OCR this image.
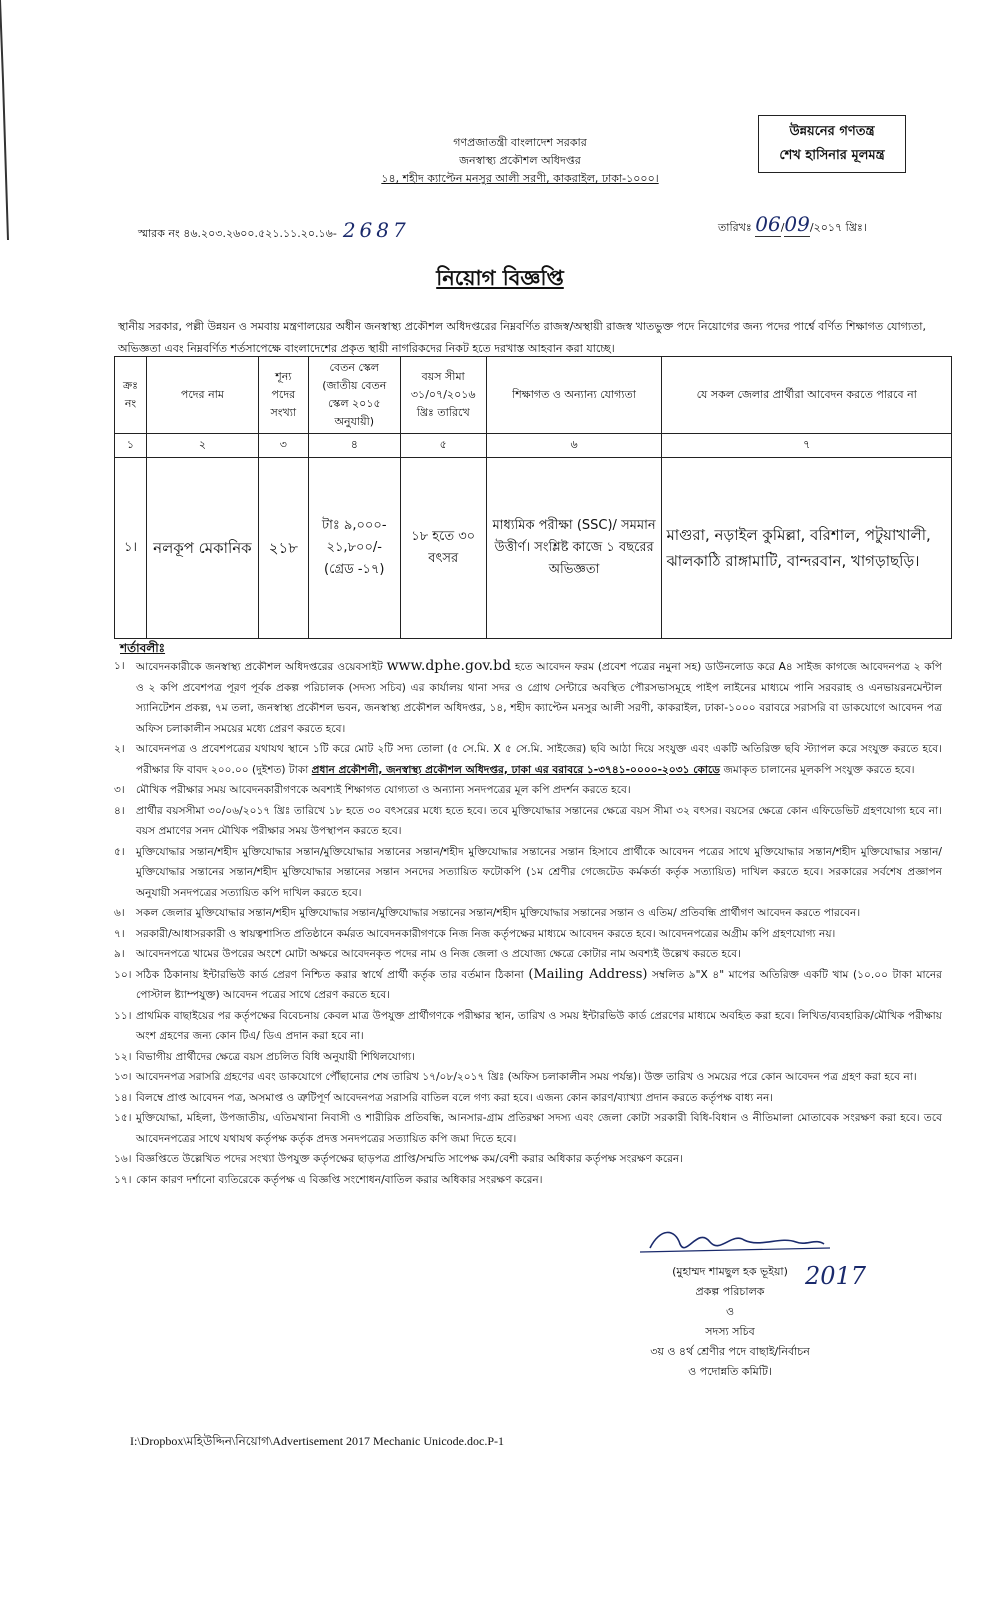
গণপ্রজাতন্ত্রী বাংলাদেশ সরকার
জনস্বাস্থ্য প্রকৌশল অধিদপ্তর
১৪, শহীদ ক্যাপ্টেন মনসুর আলী সরণী, কাকরাইল, ঢাকা-১০০০।
উন্নয়নের গণতন্ত্র
শেখ হাসিনার মূলমন্ত্র
স্মারক নং ৪৬.২০৩.২৬০০.৫২১.১১.২০.১৬- 2687	তারিখঃ 06/09/২০১৭ খ্রিঃ।
নিয়োগ বিজ্ঞপ্তি
স্থানীয় সরকার, পল্লী উন্নয়ন ও সমবায় মন্ত্রণালয়ের অধীন জনস্বাস্থ্য প্রকৌশল অধিদপ্তরের নিম্নবর্ণিত রাজস্ব/অস্থায়ী রাজস্ব খাতভুক্ত পদে নিয়োগের জন্য পদের পার্শ্বে বর্ণিত শিক্ষাগত যোগ্যতা, অভিজ্ঞতা এবং নিম্নবর্ণিত শর্তসাপেক্ষে বাংলাদেশের প্রকৃত স্থায়ী নাগরিকদের নিকট হতে দরখাস্ত আহবান করা যাচ্ছে।
ক্রঃ নং	পদের নাম	শূন্য পদের সংখ্যা	বেতন স্কেল (জাতীয় বেতন স্কেল ২০১৫ অনুযায়ী)	বয়স সীমা ৩১/০৭/২০১৬ খ্রিঃ তারিখে	শিক্ষাগত ও অন্যান্য যোগ্যতা	যে সকল জেলার প্রার্থীরা আবেদন করতে পারবে না
১	২	৩	৪	৫	৬	৭
১।	নলকূপ মেকানিক	২১৮	টাঃ ৯,০০০-
২১,৮০০/-
(গ্রেড -১৭)	১৮ হতে ৩০ বৎসর	মাধ্যমিক পরীক্ষা (SSC)/ সমমান উত্তীর্ণ। সংশ্লিষ্ট কাজে ১ বছরের অভিজ্ঞতা	মাগুরা, নড়াইল কুমিল্লা, বরিশাল, পটুয়াখালী, ঝালকাঠি রাঙ্গামাটি, বান্দরবান, খাগড়াছড়ি।
শর্তাবলীঃ
১। আবেদনকারীকে জনস্বাস্থ্য প্রকৌশল অধিদপ্তরের ওয়েবসাইট www.dphe.gov.bd হতে আবেদন ফরম (প্রবেশ পত্রের নমুনা সহ) ডাউনলোড করে A৪ সাইজ কাগজে আবেদনপত্র ২ কপি ও ২ কপি প্রবেশপত্র পূরণ পূর্বক প্রকল্প পরিচালক (সদস্য সচিব) এর কার্যালয় থানা সদর ও গ্রোথ সেন্টারে অবস্থিত পৌরসভাসমূহে পাইপ লাইনের মাধ্যমে পানি সরবরাহ ও এনভায়রনমেন্টাল স্যানিটেশন প্রকল্প, ৭ম তলা, জনস্বাস্থ্য প্রকৌশল ভবন, জনস্বাস্থ্য প্রকৌশল অধিদপ্তর, ১৪, শহীদ ক্যাপ্টেন মনসুর আলী সরণী, কাকরাইল, ঢাকা-১০০০ বরাবরে সরাসরি বা ডাকযোগে আবেদন পত্র অফিস চলাকালীন সময়ের মধ্যে প্রেরণ করতে হবে।
২। আবেদনপত্র ও প্রবেশপত্রের যথাযথ স্থানে ১টি করে মোট ২টি সদ্য তোলা (৫ সে.মি. X ৫ সে.মি. সাইজের) ছবি আঠা দিয়ে সংযুক্ত এবং একটি অতিরিক্ত ছবি স্ট্যাপল করে সংযুক্ত করতে হবে। পরীক্ষার ফি বাবদ ২০০.০০ (দুইশত) টাকা প্রধান প্রকৌশলী, জনস্বাস্থ্য প্রকৌশল অধিদপ্তর, ঢাকা এর বরাবরে ১-৩৭৪১-০০০০-২০৩১ কোডে জমাকৃত চালানের মূলকপি সংযুক্ত করতে হবে।
৩। মৌখিক পরীক্ষার সময় আবেদনকারীগণকে অবশ্যই শিক্ষাগত যোগ্যতা ও অন্যান্য সনদপত্রের মূল কপি প্রদর্শন করতে হবে।
৪। প্রার্থীর বয়সসীমা ৩০/০৬/২০১৭ খ্রিঃ তারিখে ১৮ হতে ৩০ বৎসরের মধ্যে হতে হবে। তবে মুক্তিযোদ্ধার সন্তানের ক্ষেত্রে বয়স সীমা ৩২ বৎসর। বয়সের ক্ষেত্রে কোন এফিডেভিট গ্রহণযোগ্য হবে না। বয়স প্রমাণের সনদ মৌখিক পরীক্ষার সময় উপস্থাপন করতে হবে।
৫। মুক্তিযোদ্ধার সন্তান/শহীদ মুক্তিযোদ্ধার সন্তান/মুক্তিযোদ্ধার সন্তানের সন্তান/শহীদ মুক্তিযোদ্ধার সন্তানের সন্তান হিসাবে প্রার্থীকে আবেদন পত্রের সাথে মুক্তিযোদ্ধার সন্তান/শহীদ মুক্তিযোদ্ধার সন্তান/মুক্তিযোদ্ধার সন্তানের সন্তান/শহীদ মুক্তিযোদ্ধার সন্তানের সন্তান সনদের সত্যায়িত ফটোকপি (১ম শ্রেণীর গেজেটেড কর্মকর্তা কর্তৃক সত্যায়িত) দাখিল করতে হবে। সরকারের সর্বশেষ প্রজ্ঞাপন অনুযায়ী সনদপত্রের সত্যায়িত কপি দাখিল করতে হবে।
৬। সকল জেলার মুক্তিযোদ্ধার সন্তান/শহীদ মুক্তিযোদ্ধার সন্তান/মুক্তিযোদ্ধার সন্তানের সন্তান/শহীদ মুক্তিযোদ্ধার সন্তানের সন্তান ও এতিম/ প্রতিবন্ধি প্রার্থীগণ আবেদন করতে পারবেন।
৭। সরকারী/আধাসরকারী ও স্বায়ত্বশাসিত প্রতিষ্ঠানে কর্মরত আবেদনকারীগণকে নিজ নিজ কর্তৃপক্ষের মাধ্যমে আবেদন করতে হবে। আবেদনপত্রের অগ্রীম কপি গ্রহণযোগ্য নয়।
৯। আবেদনপত্রে খামের উপরের অংশে মোটা অক্ষরে আবেদনকৃত পদের নাম ও নিজ জেলা ও প্রযোজ্য ক্ষেত্রে কোটার নাম অবশ্যই উল্লেখ করতে হবে।
১০। সঠিক ঠিকানায় ইন্টারভিউ কার্ড প্রেরণ নিশ্চিত করার স্বার্থে প্রার্থী কর্তৃক তার বর্তমান ঠিকানা (Mailing Address) সম্বলিত ৯"X ৪" মাপের অতিরিক্ত একটি খাম (১০.০০ টাকা মানের পোস্টাল ষ্ট্যাম্পযুক্ত) আবেদন পত্রের সাথে প্রেরণ করতে হবে।
১১। প্রাথমিক বাছাইয়ের পর কর্তৃপক্ষের বিবেচনায় কেবল মাত্র উপযুক্ত প্রার্থীগণকে পরীক্ষার স্থান, তারিখ ও সময় ইন্টারভিউ কার্ড প্রেরণের মাধ্যমে অবহিত করা হবে। লিখিত/ব্যবহারিক/মৌখিক পরীক্ষায় অংশ গ্রহণের জন্য কোন টিএ/ ডিএ প্রদান করা হবে না।
১২। বিভাগীয় প্রার্থীদের ক্ষেত্রে বয়স প্রচলিত বিধি অনুযায়ী শিথিলযোগ্য।
১৩। আবেদনপত্র সরাসরি গ্রহণের এবং ডাকযোগে পৌঁছানোর শেষ তারিখ ১৭/০৮/২০১৭ খ্রিঃ (অফিস চলাকালীন সময় পর্যন্ত)। উক্ত তারিখ ও সময়ের পরে কোন আবেদন পত্র গ্রহণ করা হবে না।
১৪। বিলম্বে প্রাপ্ত আবেদন পত্র, অসমাপ্ত ও ত্রুটিপূর্ণ আবেদনপত্র সরাসরি বাতিল বলে গণ্য করা হবে। এজন্য কোন কারণ/ব্যাখ্যা প্রদান করতে কর্তৃপক্ষ বাধ্য নন।
১৫। মুক্তিযোদ্ধা, মহিলা, উপজাতীয়, এতিমখানা নিবাসী ও শারীরিক প্রতিবন্ধি, আনসার-গ্রাম প্রতিরক্ষা সদস্য এবং জেলা কোটা সরকারী বিধি-বিধান ও নীতিমালা মোতাবেক সংরক্ষণ করা হবে। তবে আবেদনপত্রের সাথে যথাযথ কর্তৃপক্ষ কর্তৃক প্রদত্ত সনদপত্রের সত্যায়িত কপি জমা দিতে হবে।
১৬। বিজ্ঞপ্তিতে উল্লেখিত পদের সংখ্যা উপযুক্ত কর্তৃপক্ষের ছাড়পত্র প্রাপ্তি/সম্মতি সাপেক্ষ কম/বেশী করার অধিকার কর্তৃপক্ষ সংরক্ষণ করেন।
১৭। কোন কারণ দর্শানো ব্যতিরেকে কর্তৃপক্ষ এ বিজ্ঞপ্তি সংশোধন/বাতিল করার অধিকার সংরক্ষণ করেন।
(মুহাম্মদ শামছুল হক ভূইয়া)
প্রকল্প পরিচালক
ও
সদস্য সচিব
৩য় ও ৪র্থ শ্রেণীর পদে বাছাই/নির্বাচন
ও পদোন্নতি কমিটি।
2017
I:\Dropbox\মহিউদ্দিন\নিয়োগ\Advertisement 2017 Mechanic Unicode.doc.P-1
